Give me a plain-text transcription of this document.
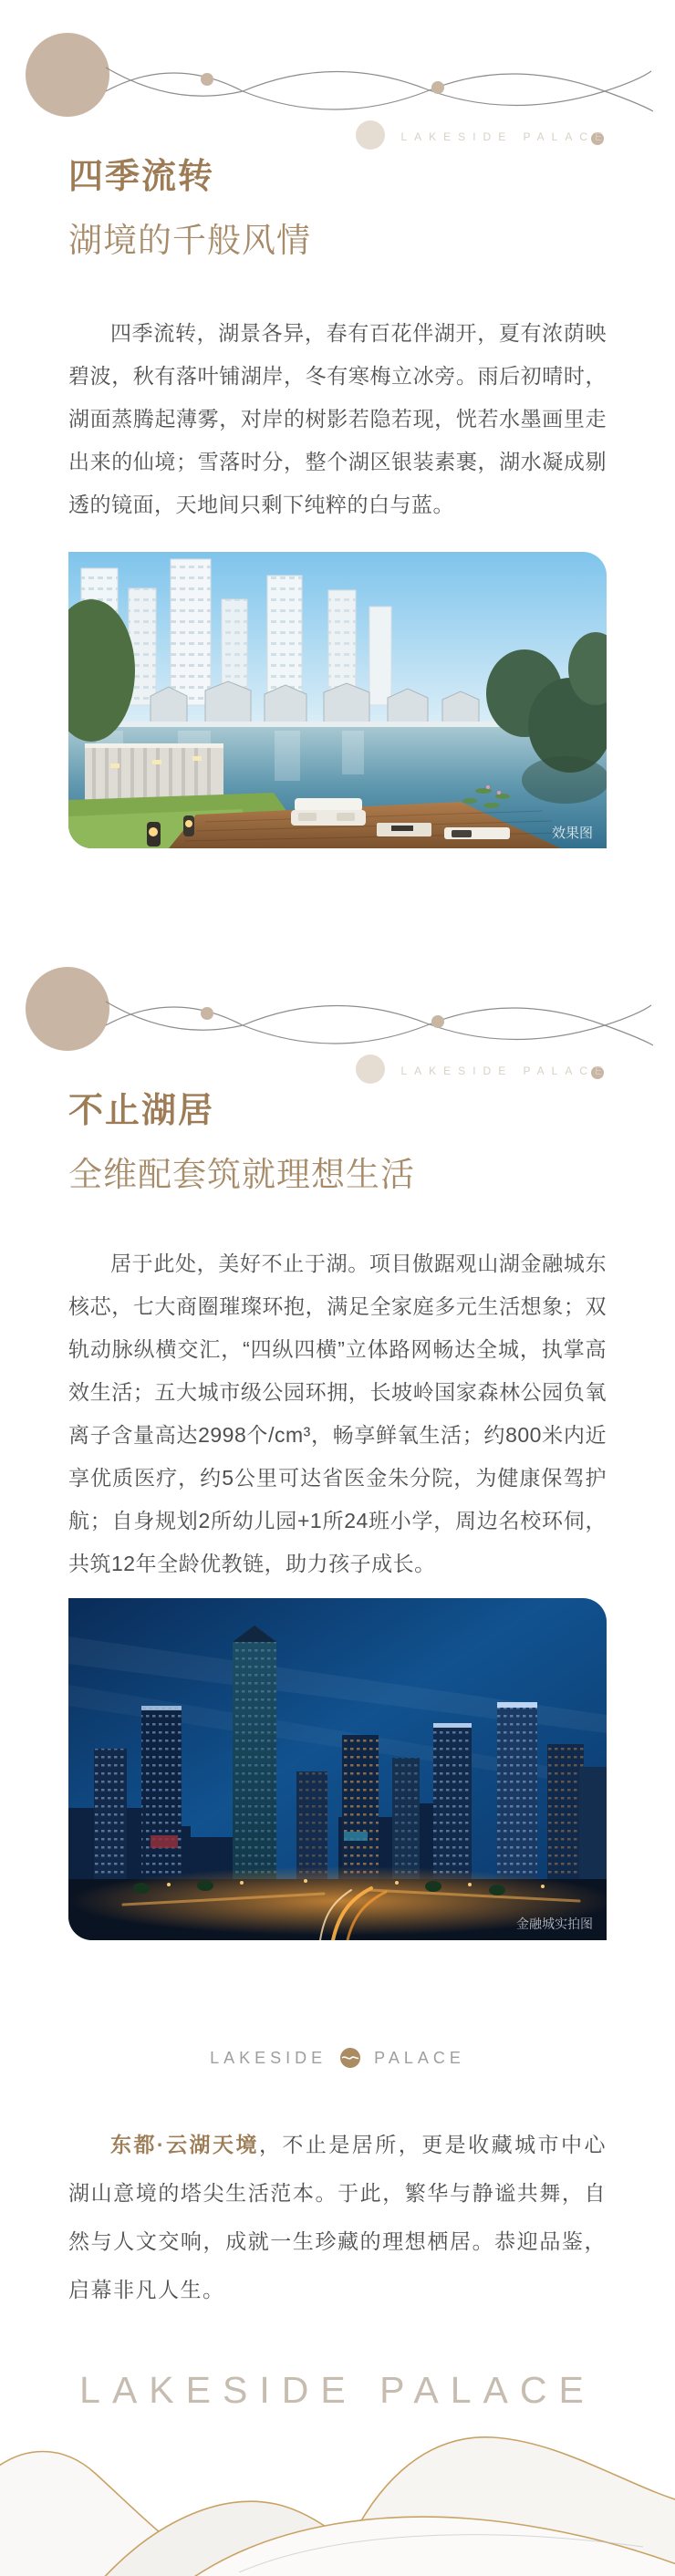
LAKESIDE PALACE
四季流转
湖境的千般风情

四季流转，湖景各异，春有百花伴湖开，夏有浓荫映碧波，秋有落叶铺湖岸，冬有寒梅立冰旁。雨后初晴时，湖面蒸腾起薄雾，对岸的树影若隐若现，恍若水墨画里走出来的仙境；雪落时分，整个湖区银装素裹，湖水凝成剔透的镜面，天地间只剩下纯粹的白与蓝。

效果图
LAKESIDE PALACE
不止湖居
全维配套筑就理想生活

居于此处，美好不止于湖。项目傲踞观山湖金融城东核芯，七大商圈璀璨环抱，满足全家庭多元生活想象；双轨动脉纵横交汇，“四纵四横”立体路网畅达全城，执掌高效生活；五大城市级公园环拥，长坡岭国家森林公园负氧离子含量高达2998个/cm³，畅享鲜氧生活；约800米内近享优质医疗，约5公里可达省医金朱分院，为健康保驾护航；自身规划2所幼儿园+1所24班小学，周边名校环伺，共筑12年全龄优教链，助力孩子成长。

金融城实拍图
LAKESIDE	PALACE

东都·云湖天境，不止是居所，更是收藏城市中心湖山意境的塔尖生活范本。于此，繁华与静谧共舞，自然与人文交响，成就一生珍藏的理想栖居。恭迎品鉴，启幕非凡人生。

LAKESIDE PALACE
